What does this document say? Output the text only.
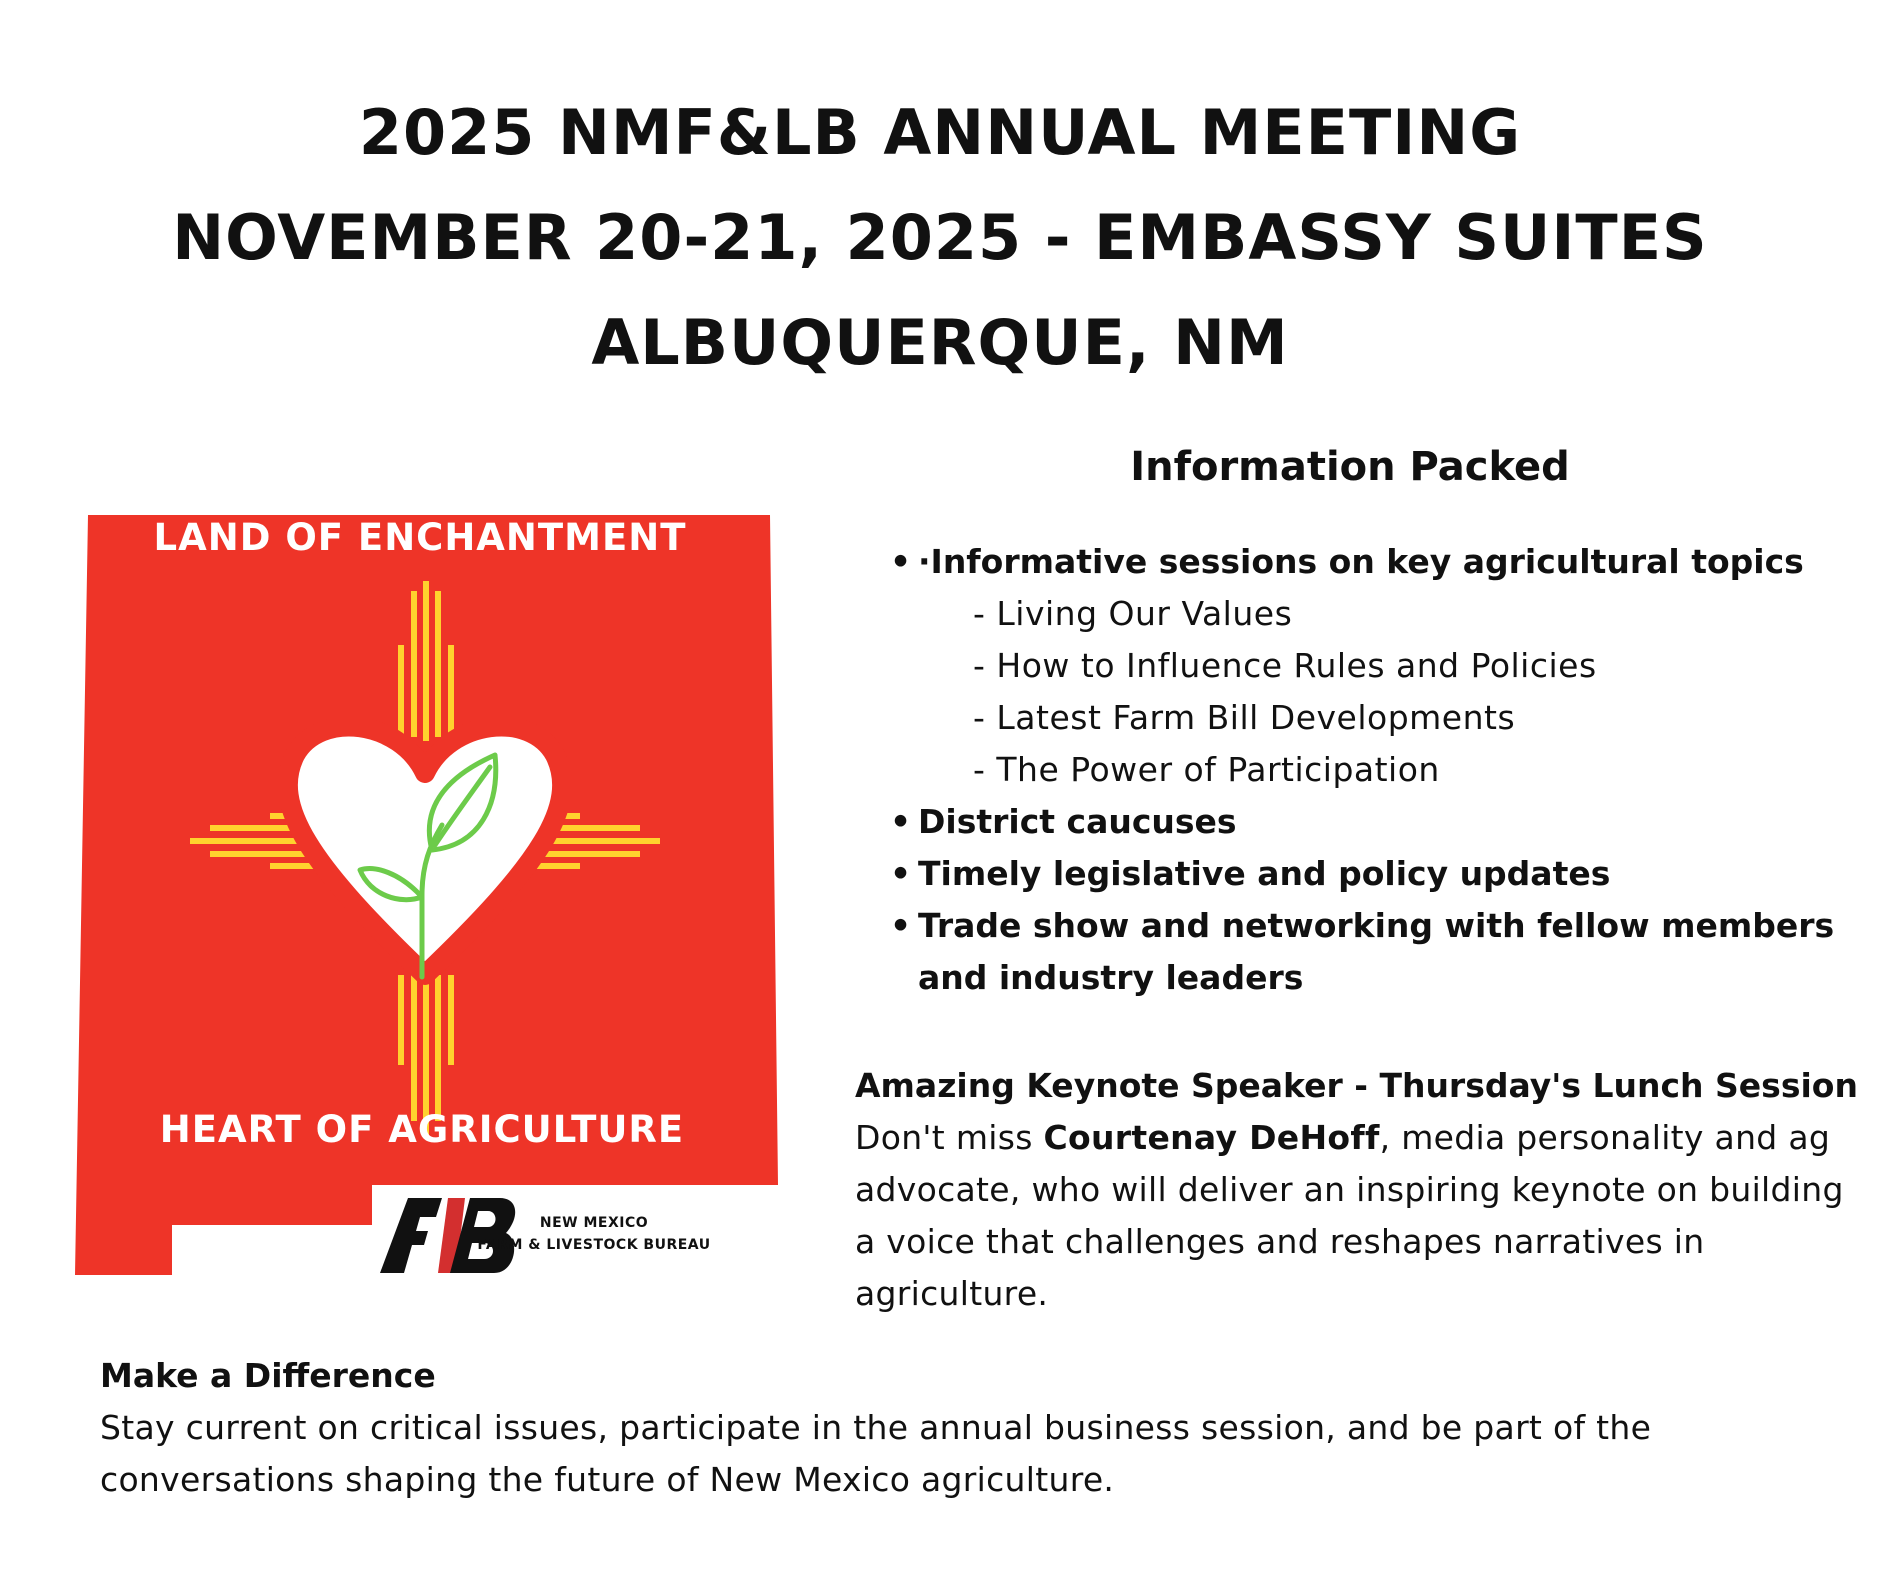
2025 NMF&LB ANNUAL MEETING
NOVEMBER 20-21, 2025 - EMBASSY SUITES
ALBUQUERQUE, NM
LAND OF ENCHANTMENT
HEART OF AGRICULTURE
NEW MEXICO
FARM & LIVESTOCK BUREAU
Information Packed
• ·Informative sessions on key agricultural topics
- Living Our Values
- How to Influence Rules and Policies
- Latest Farm Bill Developments
- The Power of Participation
• District caucuses
• Timely legislative and policy updates
• Trade show and networking with fellow members and industry leaders
Amazing Keynote Speaker - Thursday's Lunch Session
Don't miss Courtenay DeHoff, media personality and ag advocate, who will deliver an inspiring keynote on building a voice that challenges and reshapes narratives in agriculture.
Make a Difference
Stay current on critical issues, participate in the annual business session, and be part of the conversations shaping the future of New Mexico agriculture.
